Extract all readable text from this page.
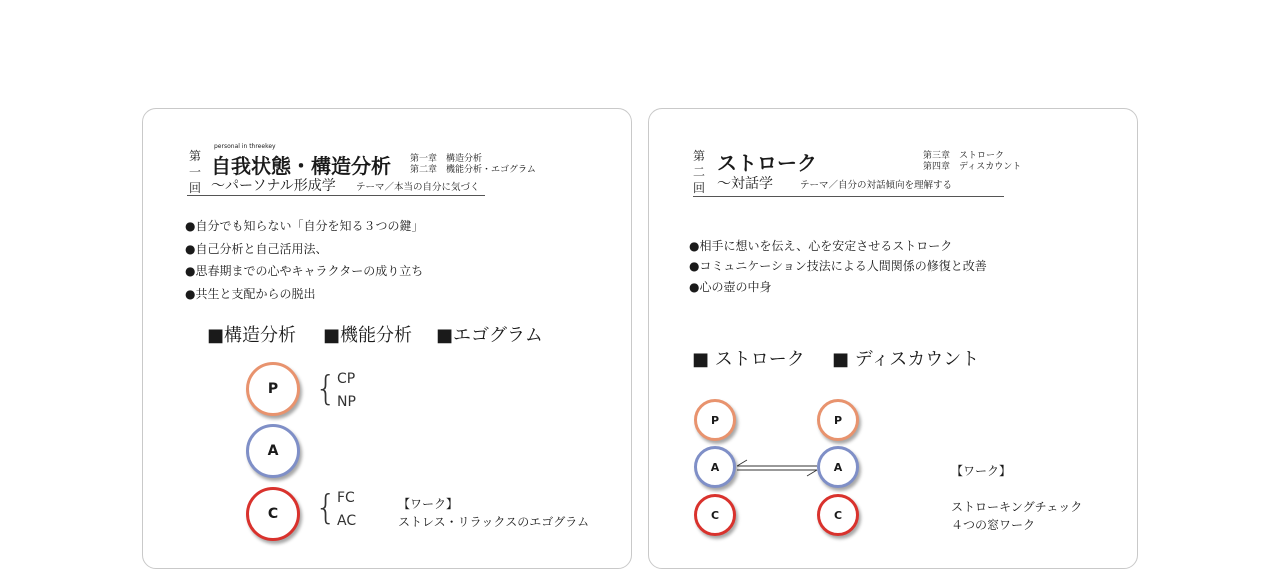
第
一
回
personal in threekey
自我状態・構造分析 第一章　構造分析
第二章　機能分析・エゴグラム
～パーソナル形成学 テーマ／本当の自分に気づく
● 自分でも知らない「自分を知る３つの鍵」
● 自己分析と自己活用法、
● 思春期までの心やキャラクターの成り立ち
● 共生と支配からの脱出
■構造分析 ■機能分析 ■エゴグラム
P
A
C
{ CP
NP
{ FC
AC
【ワーク】
ストレス・リラックスのエゴグラム
第
二
回
ストローク	第三章　ストローク
第四章　ディスカウント
～対話学	テーマ／自分の対話傾向を理解する
● 相手に想いを伝え、心を安定させるストローク
● コミュニケーション技法による人間関係の修復と改善
● 心の壺の中身
■ ストローク ■ ディスカウント
P
A
C
P
A
C
【ワーク】
ストローキングチェック
４つの窓ワーク
